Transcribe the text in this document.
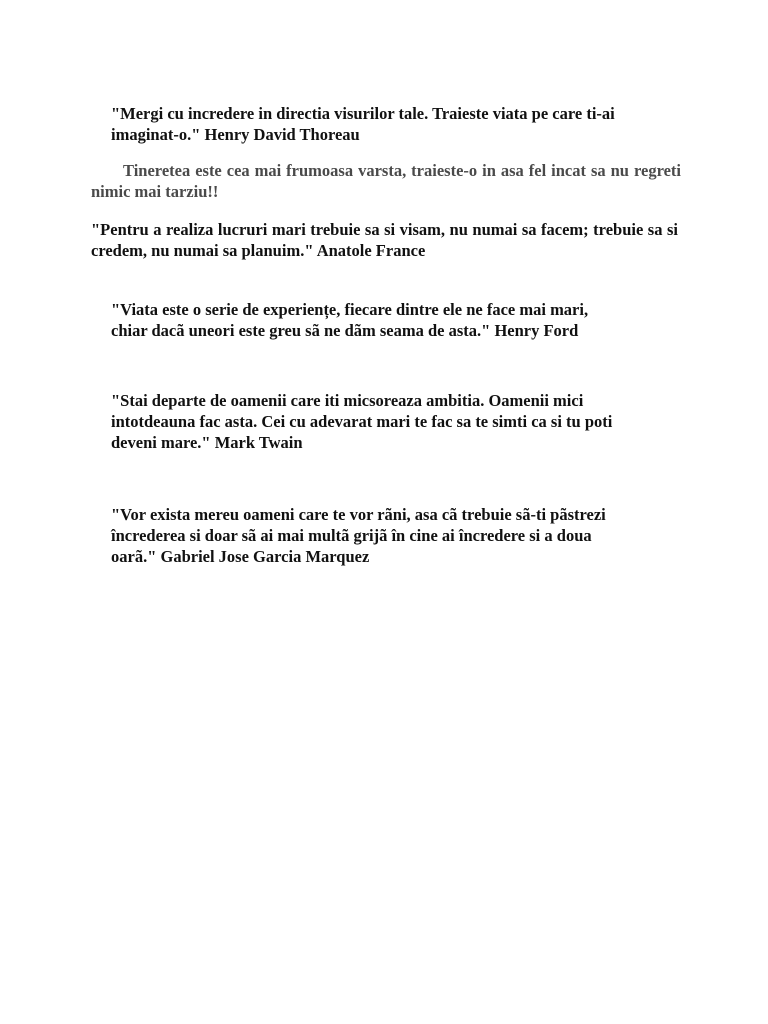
"Mergi cu incredere in directia visurilor tale. Traieste viata pe care ti-ai
imaginat-o." Henry David Thoreau

Tineretea este cea mai frumoasa varsta, traieste-o in asa fel incat sa nu regreti nimic mai tarziu!!

"Pentru a realiza lucruri mari trebuie sa si visam, nu numai sa facem; trebuie sa si credem, nu numai sa planuim." Anatole France

"Viata este o serie de experiențe, fiecare dintre ele ne face mai mari,
chiar dacã uneori este greu sã ne dãm seama de asta." Henry Ford

"Stai departe de oamenii care iti micsoreaza ambitia. Oamenii mici
intotdeauna fac asta. Cei cu adevarat mari te fac sa te simti ca si tu poti
deveni mare." Mark Twain

"Vor exista mereu oameni care te vor rãni, asa cã trebuie sã-ti pãstrezi
încrederea si doar sã ai mai multã grijã în cine ai încredere si a doua
oarã." Gabriel Jose Garcia Marquez
